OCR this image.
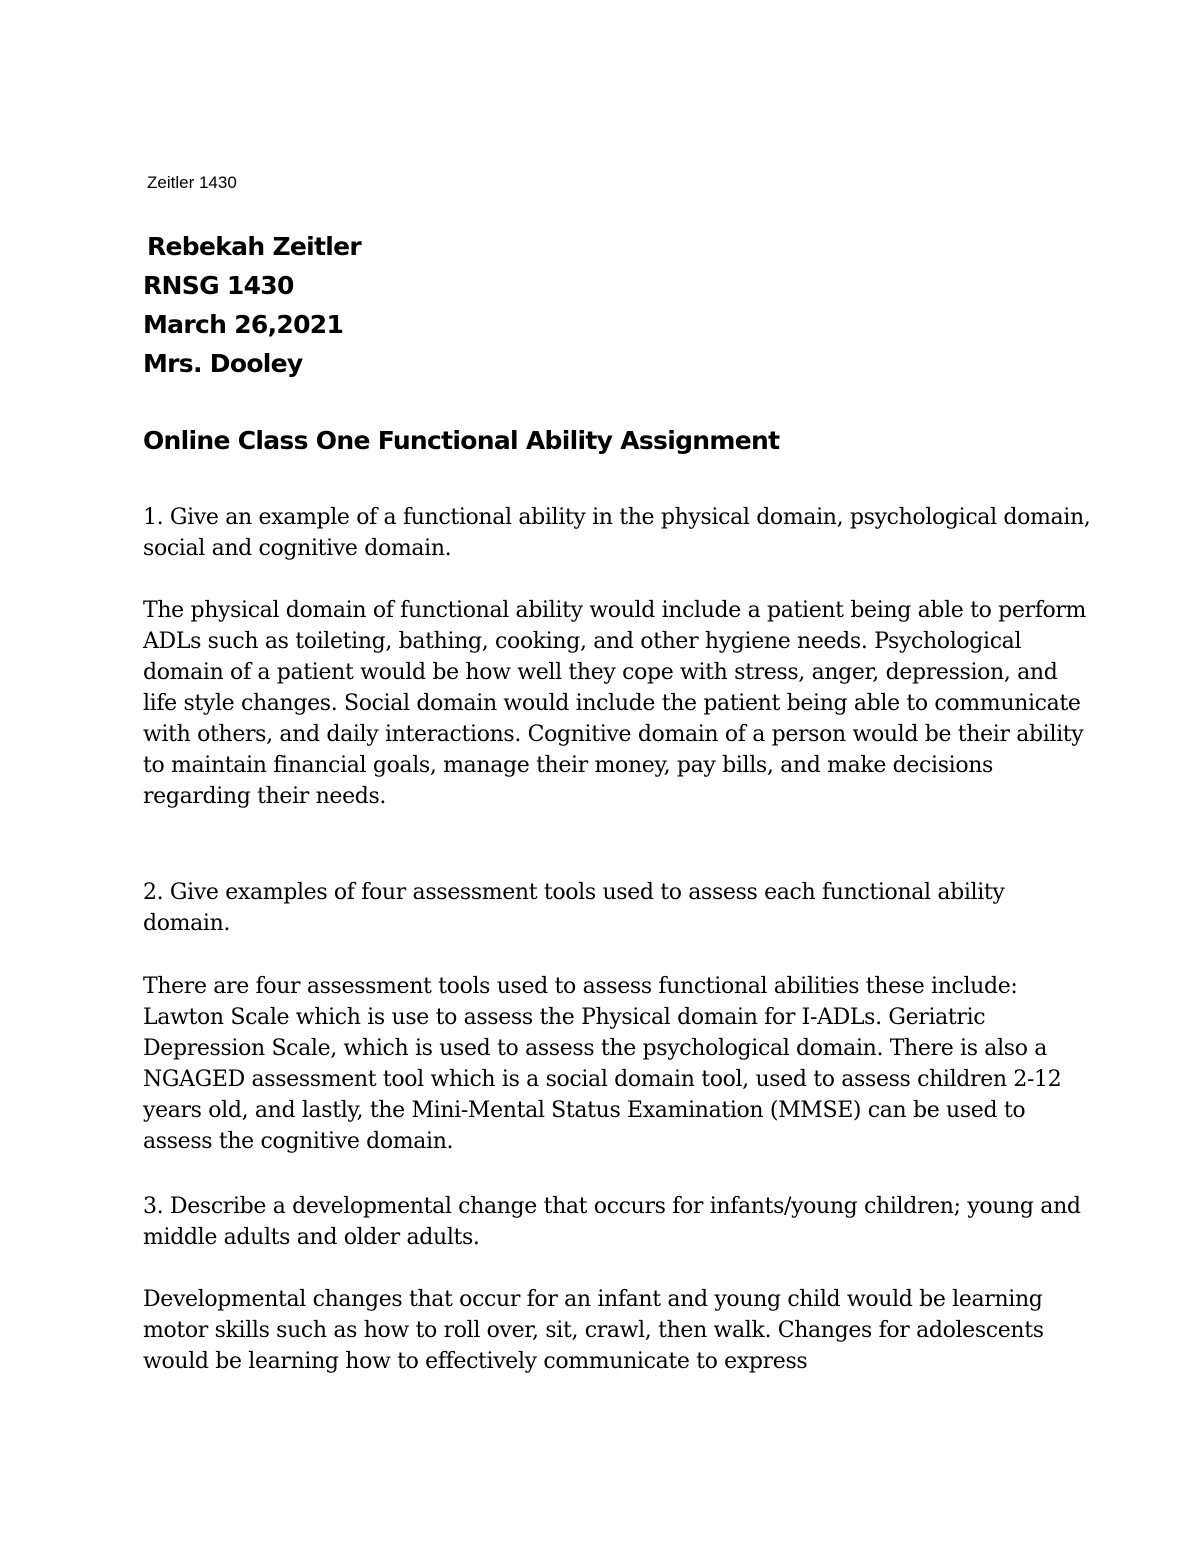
Zeitler 1430
Rebekah Zeitler
RNSG 1430
March 26,2021
Mrs. Dooley
Online Class One Functional Ability Assignment

1. Give an example of a functional ability in the physical domain, psychological domain, social and cognitive domain.

The physical domain of functional ability would include a patient being able to perform ADLs such as toileting, bathing, cooking, and other hygiene needs. Psychological domain of a patient would be how well they cope with stress, anger, depression, and life style changes. Social domain would include the patient being able to communicate with others, and daily interactions. Cognitive domain of a person would be their ability to maintain financial goals, manage their money, pay bills, and make decisions regarding their needs.

2. Give examples of four assessment tools used to assess each functional ability domain.

There are four assessment tools used to assess functional abilities these include: Lawton Scale which is use to assess the Physical domain for I-ADLs. Geriatric Depression Scale, which is used to assess the psychological domain. There is also a NGAGED assessment tool which is a social domain tool, used to assess children 2-12 years old, and lastly, the Mini-Mental Status Examination (MMSE) can be used to assess the cognitive domain.

3. Describe a developmental change that occurs for infants/young children; young and middle adults and older adults.

Developmental changes that occur for an infant and young child would be learning motor skills such as how to roll over, sit, crawl, then walk. Changes for adolescents would be learning how to effectively communicate to express
